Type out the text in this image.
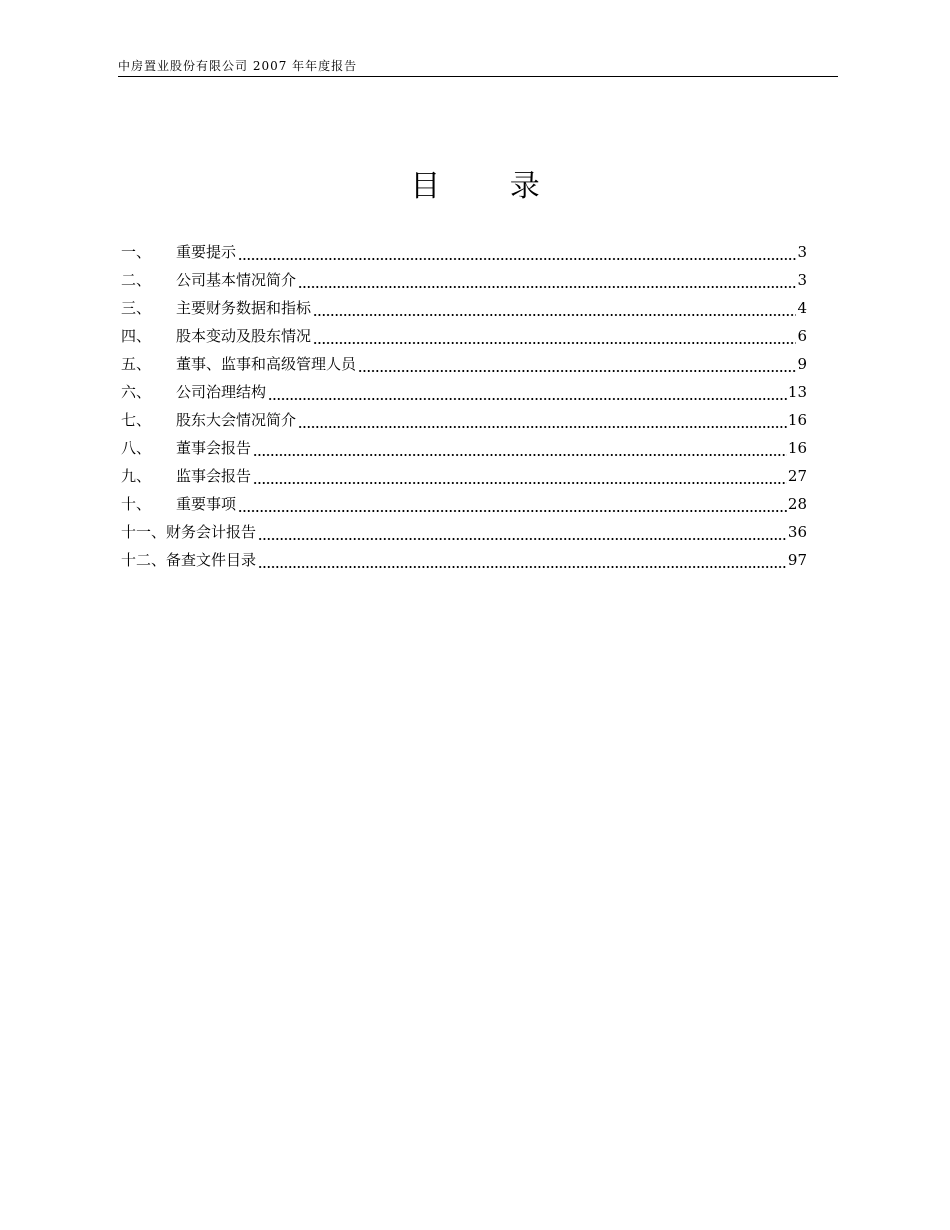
中房置业股份有限公司 2007 年年度报告
目 录
一、 重要提示	3
二、 公司基本情况简介	3
三、 主要财务数据和指标	4
四、 股本变动及股东情况	6
五、 董事、监事和高级管理人员	9
六、 公司治理结构	13
七、 股东大会情况简介	16
八、 董事会报告	16
九、 监事会报告	27
十、 重要事项	28
十一、财务会计报告	36
十二、备查文件目录	97
